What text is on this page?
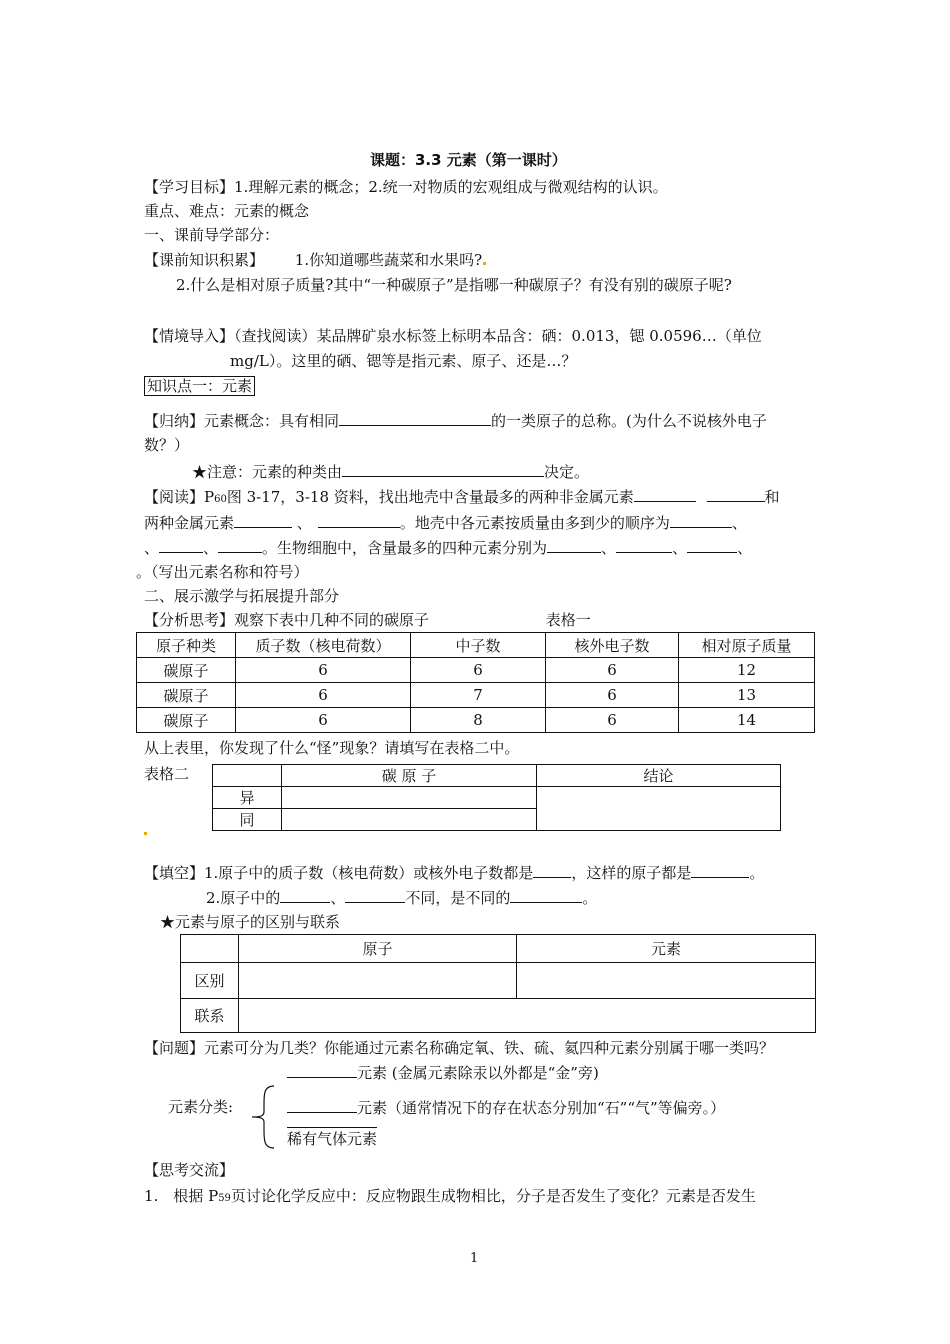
课题：3.3 元素（第一课时）
【学习目标】1.理解元素的概念；2.统一对物质的宏观组成与微观结构的认识。
重点、难点：元素的概念
一、课前导学部分：
【课前知识积累】 1.你知道哪些蔬菜和水果吗?
2.什么是相对原子质量?其中“一种碳原子”是指哪一种碳原子？有没有别的碳原子呢?
【情境导入】（查找阅读）某品牌矿泉水标签上标明本品含：硒：0.013，锶 0.0596…（单位
mg/L）。这里的硒、锶等是指元素、原子、还是…？
知识点一：元素
【归纳】元素概念：具有相同	的一类原子的总称。(为什么不说核外电子
数？）
★注意：元素的种类由	决定。
【阅读】P60图 3-17，3-18 资料，找出地壳中含量最多的两种非金属元素	和
两种金属元素	、	。地壳中各元素按质量由多到少的顺序为	、
、	、	。生物细胞中，含量最多的四种元素分别为	、	、	、
。（写出元素名称和符号）
二、展示激学与拓展提升部分
【分析思考】观察下表中几种不同的碳原子	表格一
原子种类	质子数（核电荷数）	中子数	核外电子数	相对原子质量
碳原子	6	6	6	12
碳原子	6	7	6	13
碳原子	6	8	6	14
从上表里，你发现了什么“怪”现象？请填写在表格二中。
表格二
		碳 原 子	结论
异		
同		
【填空】1.原子中的质子数（核电荷数）或核外电子数都是	，这样的原子都是	。
2.原子中的	、	不同，是不同的	。
★元素与原子的区别与联系
	原子	元素
区别		
联系		
【问题】元素可分为几类？你能通过元素名称确定氧、铁、硫、氦四种元素分别属于哪一类吗？
元素 (金属元素除汞以外都是“金”旁)
元素分类:	元素（通常情况下的存在状态分别加“石”“气”等偏旁。）
稀有气体元素
【思考交流】
1.　根据 P59页讨论化学反应中：反应物跟生成物相比，分子是否发生了变化？元素是否发生
1
